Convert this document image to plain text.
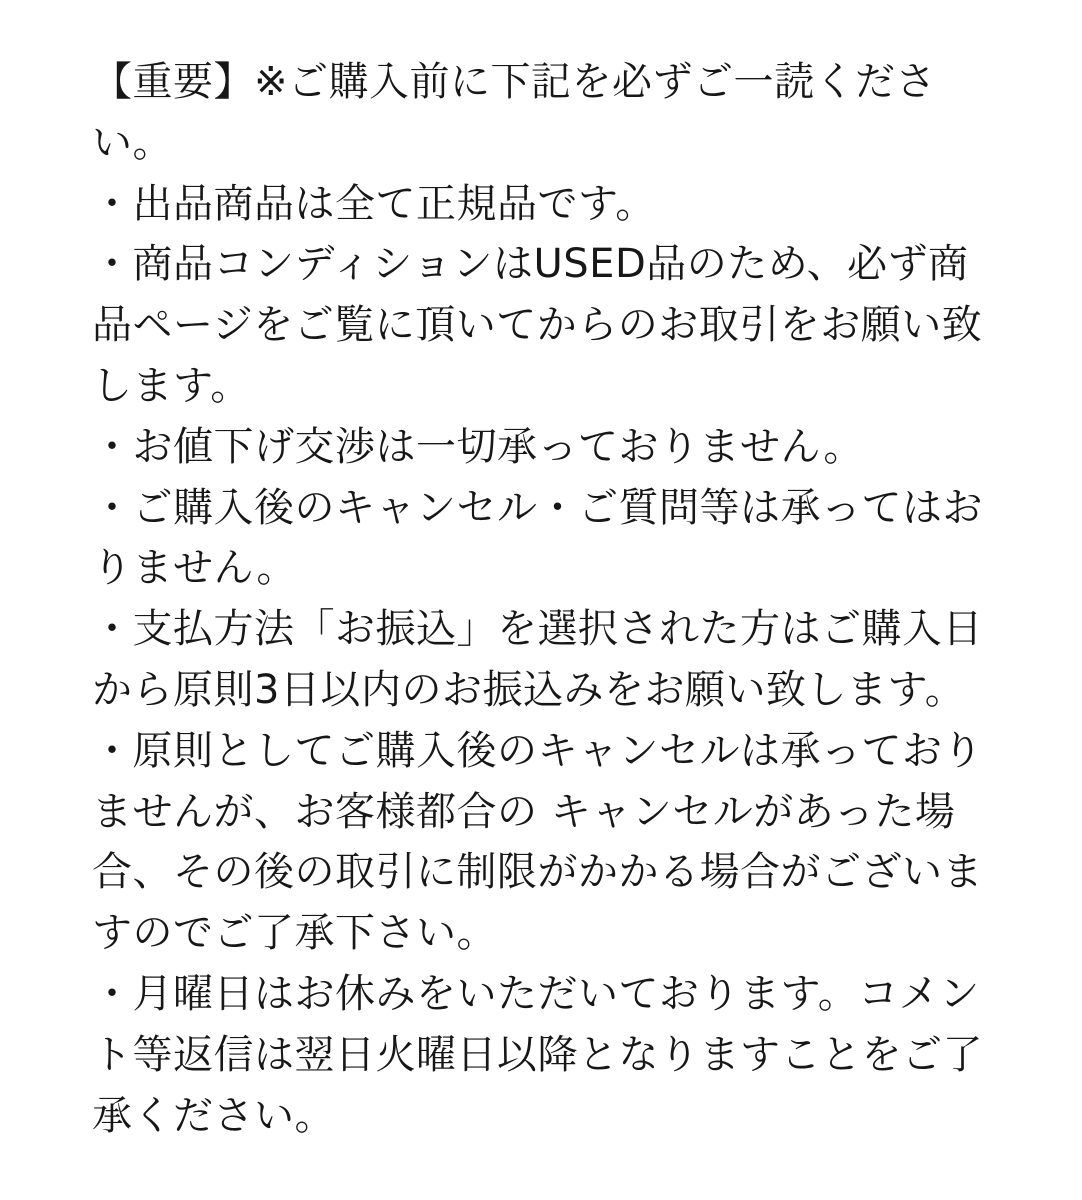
【重要】※ご購入前に下記を必ずご一読ください。

・出品商品は全て正規品です。

・商品コンディションはUSED品のため、必ず商品ページをご覧に頂いてからのお取引をお願い致します。

・お値下げ交渉は一切承っておりません。

・ご購入後のキャンセル・ご質問等は承ってはおりません。

・支払方法「お振込」を選択された方はご購入日から原則3日以内のお振込みをお願い致します。

・原則としてご購入後のキャンセルは承っておりませんが、お客様都合の キャンセルがあった場合、その後の取引に制限がかかる場合がございますのでご了承下さい。

・月曜日はお休みをいただいております。コメント等返信は翌日火曜日以降となりますことをご了承ください。
